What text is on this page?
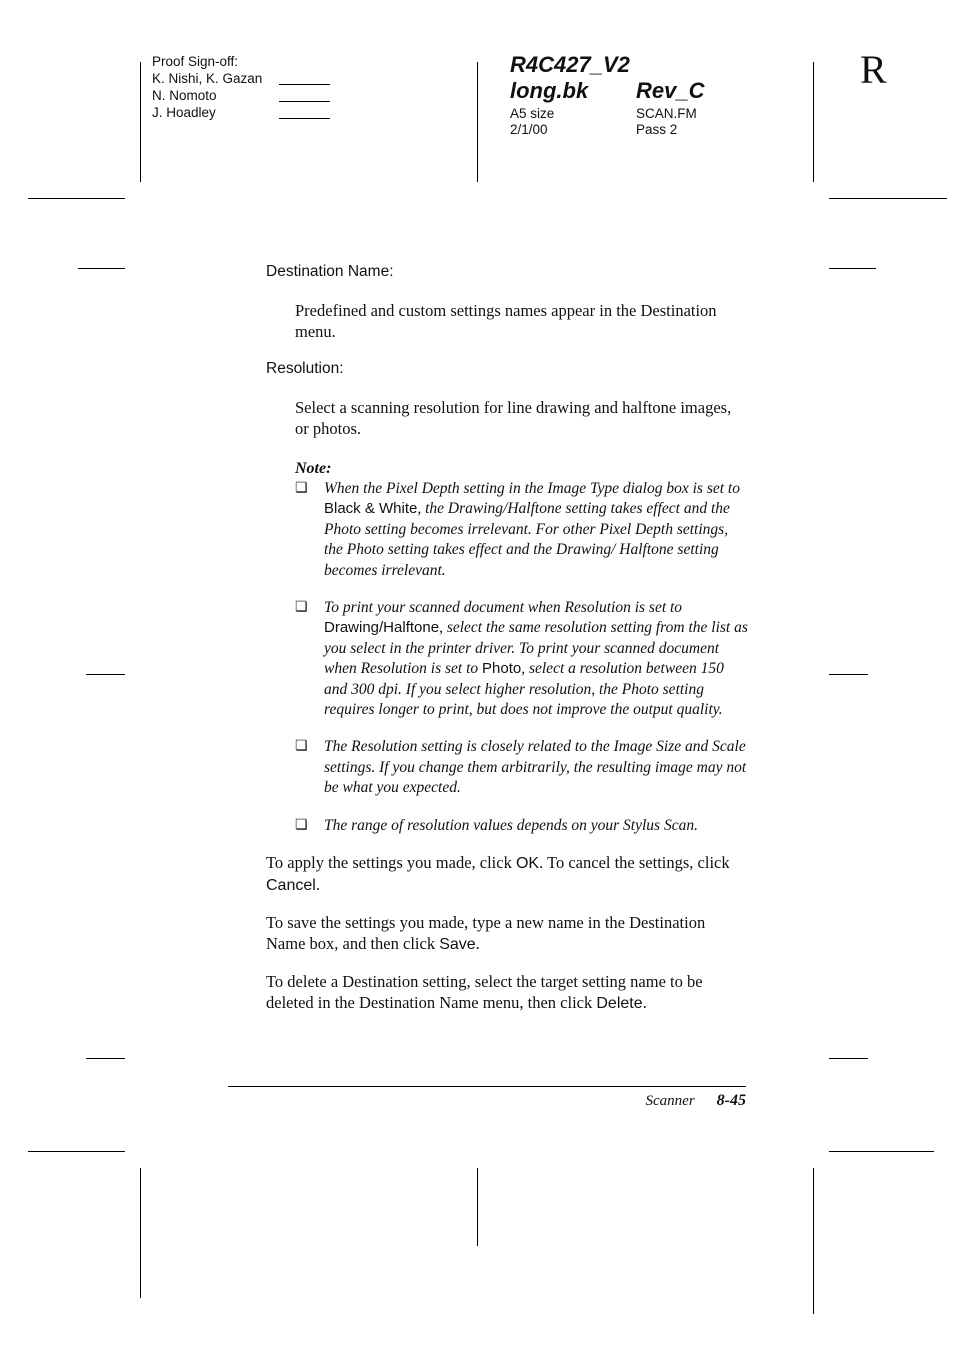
Proof Sign-off:
K. Nishi, K. Gazan
N. Nomoto
J. Hoadley
R4C427_V2
long.bk Rev_C
A5 size
2/1/00
SCAN.FM
Pass 2
R
Destination Name:

Predefined and custom settings names appear in the Destination menu.

Resolution:

Select a scanning resolution for line drawing and halftone images, or photos.

Note:
❏ When the Pixel Depth setting in the Image Type dialog box is set to Black & White, the Drawing/Halftone setting takes effect and the Photo setting becomes irrelevant. For other Pixel Depth settings, the Photo setting takes effect and the Drawing/ Halftone setting becomes irrelevant.
❏ To print your scanned document when Resolution is set to Drawing/Halftone, select the same resolution setting from the list as you select in the printer driver. To print your scanned document when Resolution is set to Photo, select a resolution between 150 and 300 dpi. If you select higher resolution, the Photo setting requires longer to print, but does not improve the output quality.
❏ The Resolution setting is closely related to the Image Size and Scale settings. If you change them arbitrarily, the resulting image may not be what you expected.
❏ The range of resolution values depends on your Stylus Scan.

To apply the settings you made, click OK. To cancel the settings, click Cancel.

To save the settings you made, type a new name in the Destination Name box, and then click Save.

To delete a Destination setting, select the target setting name to be deleted in the Destination Name menu, then click Delete.

Scanner 8-45
